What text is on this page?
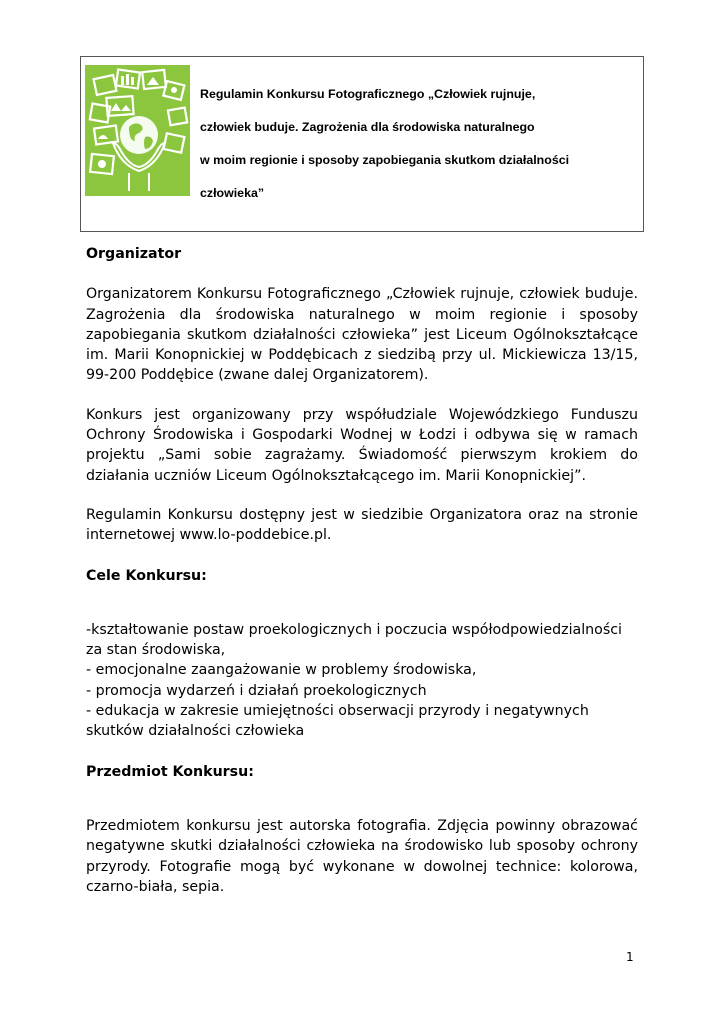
Regulamin Konkursu Fotograficznego „Człowiek rujnuje,
człowiek buduje. Zagrożenia dla środowiska naturalnego
w moim regionie i sposoby zapobiegania skutkom działalności
człowieka”

Organizator

Organizatorem Konkursu Fotograficznego „Człowiek rujnuje, człowiek buduje. Zagrożenia dla środowiska naturalnego w moim regionie i sposoby zapobiegania skutkom działalności człowieka” jest Liceum Ogólnokształcące im. Marii Konopnickiej w Poddębicach z siedzibą przy ul. Mickiewicza 13/15, 99-200 Poddębice (zwane dalej Organizatorem).

Konkurs jest organizowany przy współudziale Wojewódzkiego Funduszu Ochrony Środowiska i Gospodarki Wodnej w Łodzi i odbywa się w ramach projektu „Sami sobie zagrażamy. Świadomość pierwszym krokiem do działania uczniów Liceum Ogólnokształcącego im. Marii Konopnickiej”.

Regulamin Konkursu dostępny jest w siedzibie Organizatora oraz na stronie internetowej www.lo-poddebice.pl.

Cele Konkursu:

-kształtowanie postaw proekologicznych i poczucia współodpowiedzialności za stan środowiska,
- emocjonalne zaangażowanie w problemy środowiska,
- promocja wydarzeń i działań proekologicznych
- edukacja w zakresie umiejętności obserwacji przyrody i negatywnych skutków działalności człowieka

Przedmiot Konkursu:

Przedmiotem konkursu jest autorska fotografia. Zdjęcia powinny obrazować negatywne skutki działalności człowieka na środowisko lub sposoby ochrony przyrody. Fotografie mogą być wykonane w dowolnej technice: kolorowa, czarno-biała, sepia.

1
